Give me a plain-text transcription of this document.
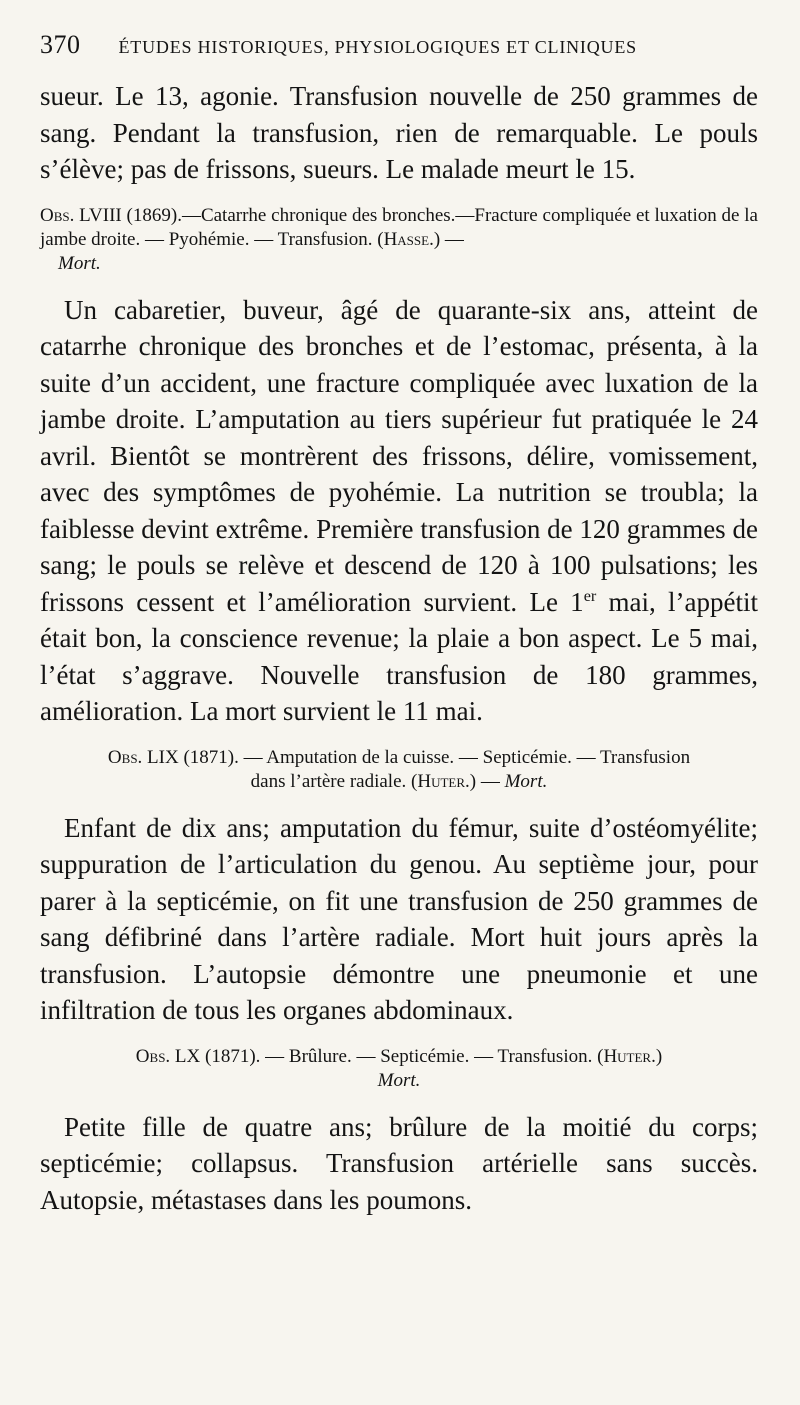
370 ÉTUDES HISTORIQUES, PHYSIOLOGIQUES ET CLINIQUES

sueur. Le 13, agonie. Transfusion nouvelle de 250 grammes de sang. Pendant la transfusion, rien de remarquable. Le pouls s’élève; pas de frissons, sueurs. Le malade meurt le 15.

Obs. LVIII (1869).—Catarrhe chronique des bronches.—Fracture compliquée et luxation de la jambe droite. — Pyohémie. — Transfusion. (Hasse.) —
Mort.

Un cabaretier, buveur, âgé de quarante-six ans, atteint de catarrhe chronique des bronches et de l’estomac, présenta, à la suite d’un accident, une fracture compliquée avec luxation de la jambe droite. L’amputation au tiers supérieur fut pratiquée le 24 avril. Bientôt se montrèrent des frissons, délire, vomissement, avec des symptômes de pyohémie. La nutrition se troubla; la faiblesse devint extrême. Première transfusion de 120 grammes de sang; le pouls se relève et descend de 120 à 100 pulsations; les frissons cessent et l’amélioration survient. Le 1er mai, l’appétit était bon, la conscience revenue; la plaie a bon aspect. Le 5 mai, l’état s’aggrave. Nouvelle transfusion de 180 grammes, amélioration. La mort survient le 11 mai.

Obs. LIX (1871). — Amputation de la cuisse. — Septicémie. — Transfusion
dans l’artère radiale. (Huter.) — Mort.

Enfant de dix ans; amputation du fémur, suite d’ostéomyélite; suppuration de l’articulation du genou. Au septième jour, pour parer à la septicémie, on fit une transfusion de 250 grammes de sang défibriné dans l’artère radiale. Mort huit jours après la transfusion. L’autopsie démontre une pneumonie et une infiltration de tous les organes abdominaux.

Obs. LX (1871). — Brûlure. — Septicémie. — Transfusion. (Huter.)
Mort.

Petite fille de quatre ans; brûlure de la moitié du corps; septicémie; collapsus. Transfusion artérielle sans succès. Autopsie, métastases dans les poumons.
